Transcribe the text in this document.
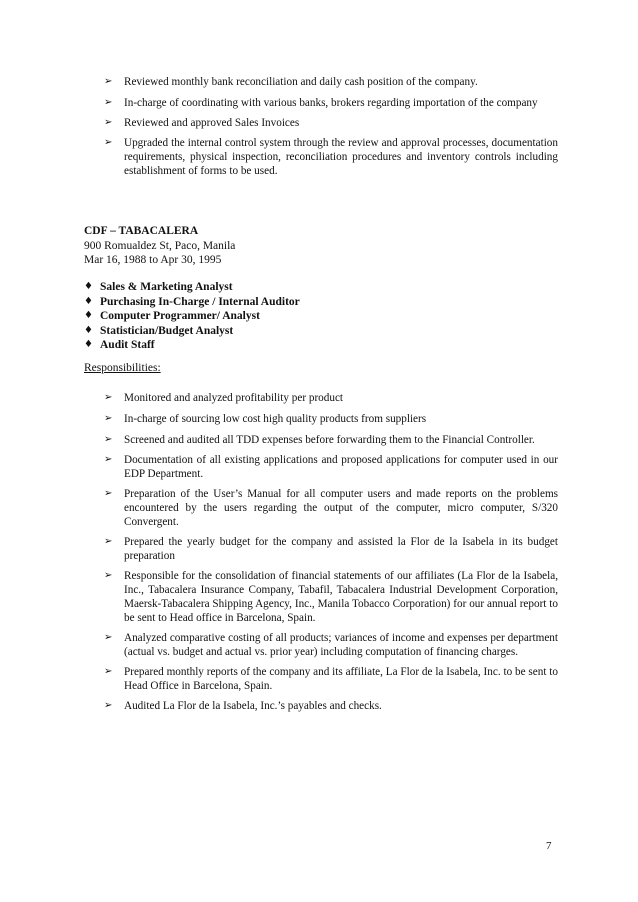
➢ Reviewed monthly bank reconciliation and daily cash position of the company.
➢ In-charge of coordinating with various banks, brokers regarding importation of the company
➢ Reviewed and approved Sales Invoices
➢ Upgraded the internal control system through the review and approval processes, documentation requirements, physical inspection, reconciliation procedures and inventory controls including establishment of forms to be used.
CDF – TABACALERA
900 Romualdez St, Paco, Manila
Mar 16, 1988 to Apr 30, 1995
♦ Sales & Marketing Analyst
♦ Purchasing In-Charge / Internal Auditor
♦ Computer Programmer/ Analyst
♦ Statistician/Budget Analyst
♦ Audit Staff
Responsibilities:
➢ Monitored and analyzed profitability per product
➢ In-charge of sourcing low cost high quality products from suppliers
➢ Screened and audited all TDD expenses before forwarding them to the Financial Controller.
➢ Documentation of all existing applications and proposed applications for computer used in our EDP Department.
➢ Preparation of the User’s Manual for all computer users and made reports on the problems encountered by the users regarding the output of the computer, micro computer, S/320 Convergent.
➢ Prepared the yearly budget for the company and assisted la Flor de la Isabela in its budget preparation
➢ Responsible for the consolidation of financial statements of our affiliates (La Flor de la Isabela, Inc., Tabacalera Insurance Company, Tabafil, Tabacalera Industrial Development Corporation, Maersk-Tabacalera Shipping Agency, Inc., Manila Tobacco Corporation) for our annual report to be sent to Head office in Barcelona, Spain.
➢ Analyzed comparative costing of all products; variances of income and expenses per department (actual vs. budget and actual vs. prior year) including computation of financing charges.
➢ Prepared monthly reports of the company and its affiliate, La Flor de la Isabela, Inc. to be sent to Head Office in Barcelona, Spain.
➢ Audited La Flor de la Isabela, Inc.’s payables and checks.
7
